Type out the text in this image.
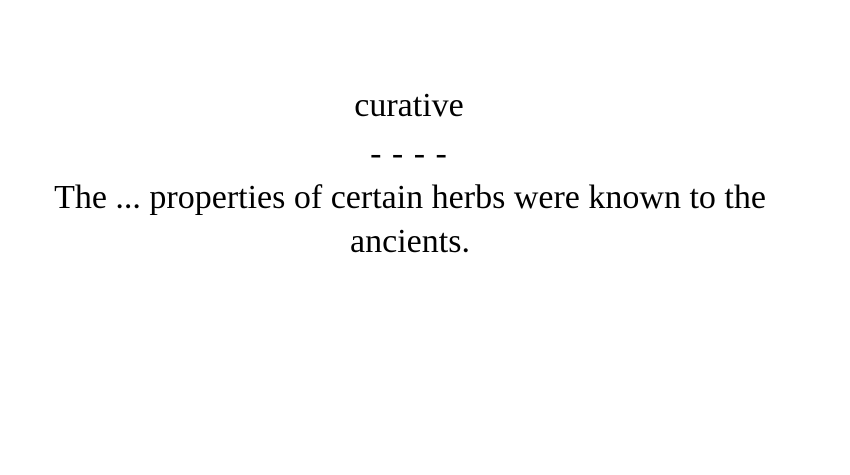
curative
- - - -
The ... properties of certain herbs were known to the ancients.
